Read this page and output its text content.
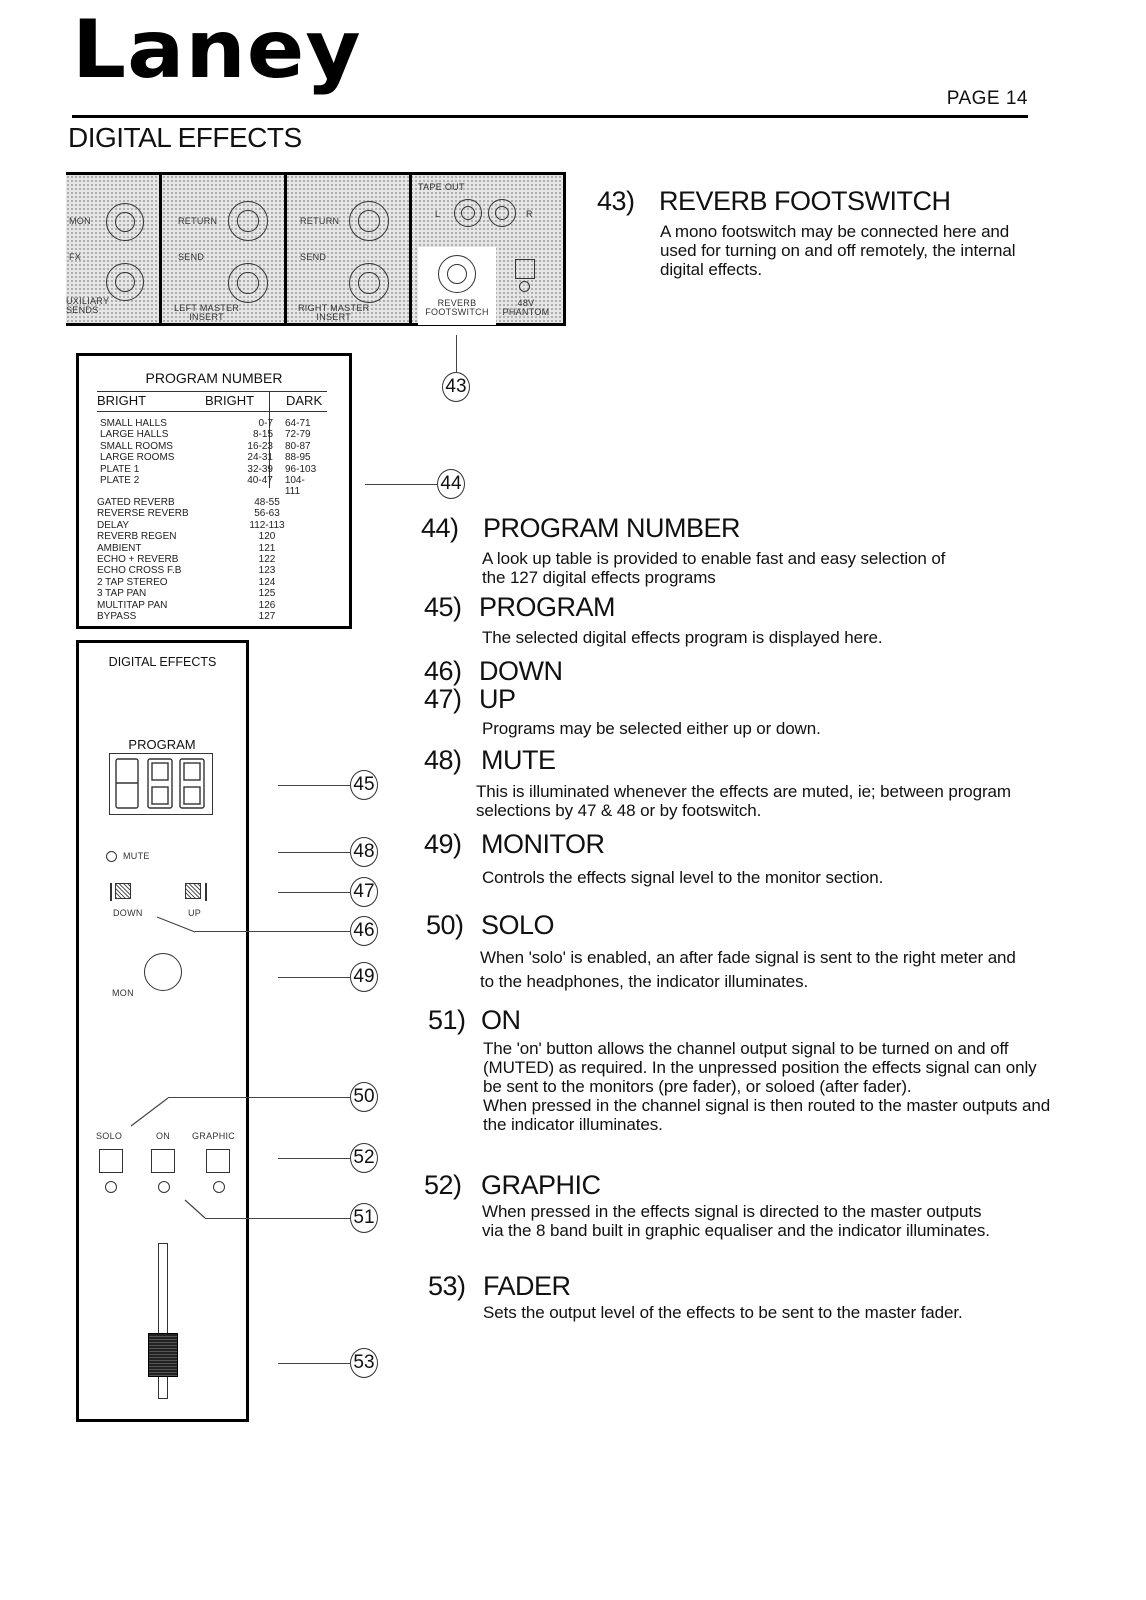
Laney
PAGE 14
DIGITAL EFFECTS
MON
FX
UXILIARY
SENDS
RETURN
SEND
LEFT MASTER
INSERT
RETURN
SEND
RIGHT MASTER
INSERT
TAPE OUT
L	R
REVERB
FOOTSWITCH
48V
PHANTOM
PROGRAM NUMBER
BRIGHT	BRIGHT DARK
SMALL HALLS	0-7	64-71
LARGE HALLS	8-15	72-79
SMALL ROOMS	16-23	80-87
LARGE ROOMS	24-31	88-95
PLATE 1	32-39	96-103
PLATE 2	40-47	104-111
GATED REVERB	48-55
REVERSE REVERB	56-63
DELAY	112-113
REVERB REGEN	120
AMBIENT	121
ECHO + REVERB	122
ECHO CROSS F.B	123
2 TAP STEREO	124
3 TAP PAN	125
MULTITAP PAN	126
BYPASS	127
DIGITAL EFFECTS
PROGRAM
MUTE
DOWN	UP
MON
SOLO	ON GRAPHIC
43
44
45
48
47
46
49
50
52
51
53
43) REVERB FOOTSWITCH
A mono footswitch may be connected here and used for turning on and off remotely, the internal digital effects.
44) PROGRAM NUMBER
A look up table is provided to enable fast and easy selection of the 127 digital effects programs
45) PROGRAM
The selected digital effects program is displayed here.
46) DOWN
47) UP
Programs may be selected either up or down.
48) MUTE
This is illuminated whenever the effects are muted, ie; between program selections by 47 & 48 or by footswitch.
49) MONITOR
Controls the effects signal level to the monitor section.
50) SOLO
When 'solo' is enabled, an after fade signal is sent to the right meter and to the headphones, the indicator illuminates.
51) ON
The 'on' button allows the channel output signal to be turned on and off (MUTED) as required. In the unpressed position the effects signal can only be sent to the monitors (pre fader), or soloed (after fader).
When pressed in the channel signal is then routed to the master outputs and the indicator illuminates.
52) GRAPHIC
When pressed in the effects signal is directed to the master outputs via the 8 band built in graphic equaliser and the indicator illuminates.
53) FADER
Sets the output level of the effects to be sent to the master fader.
